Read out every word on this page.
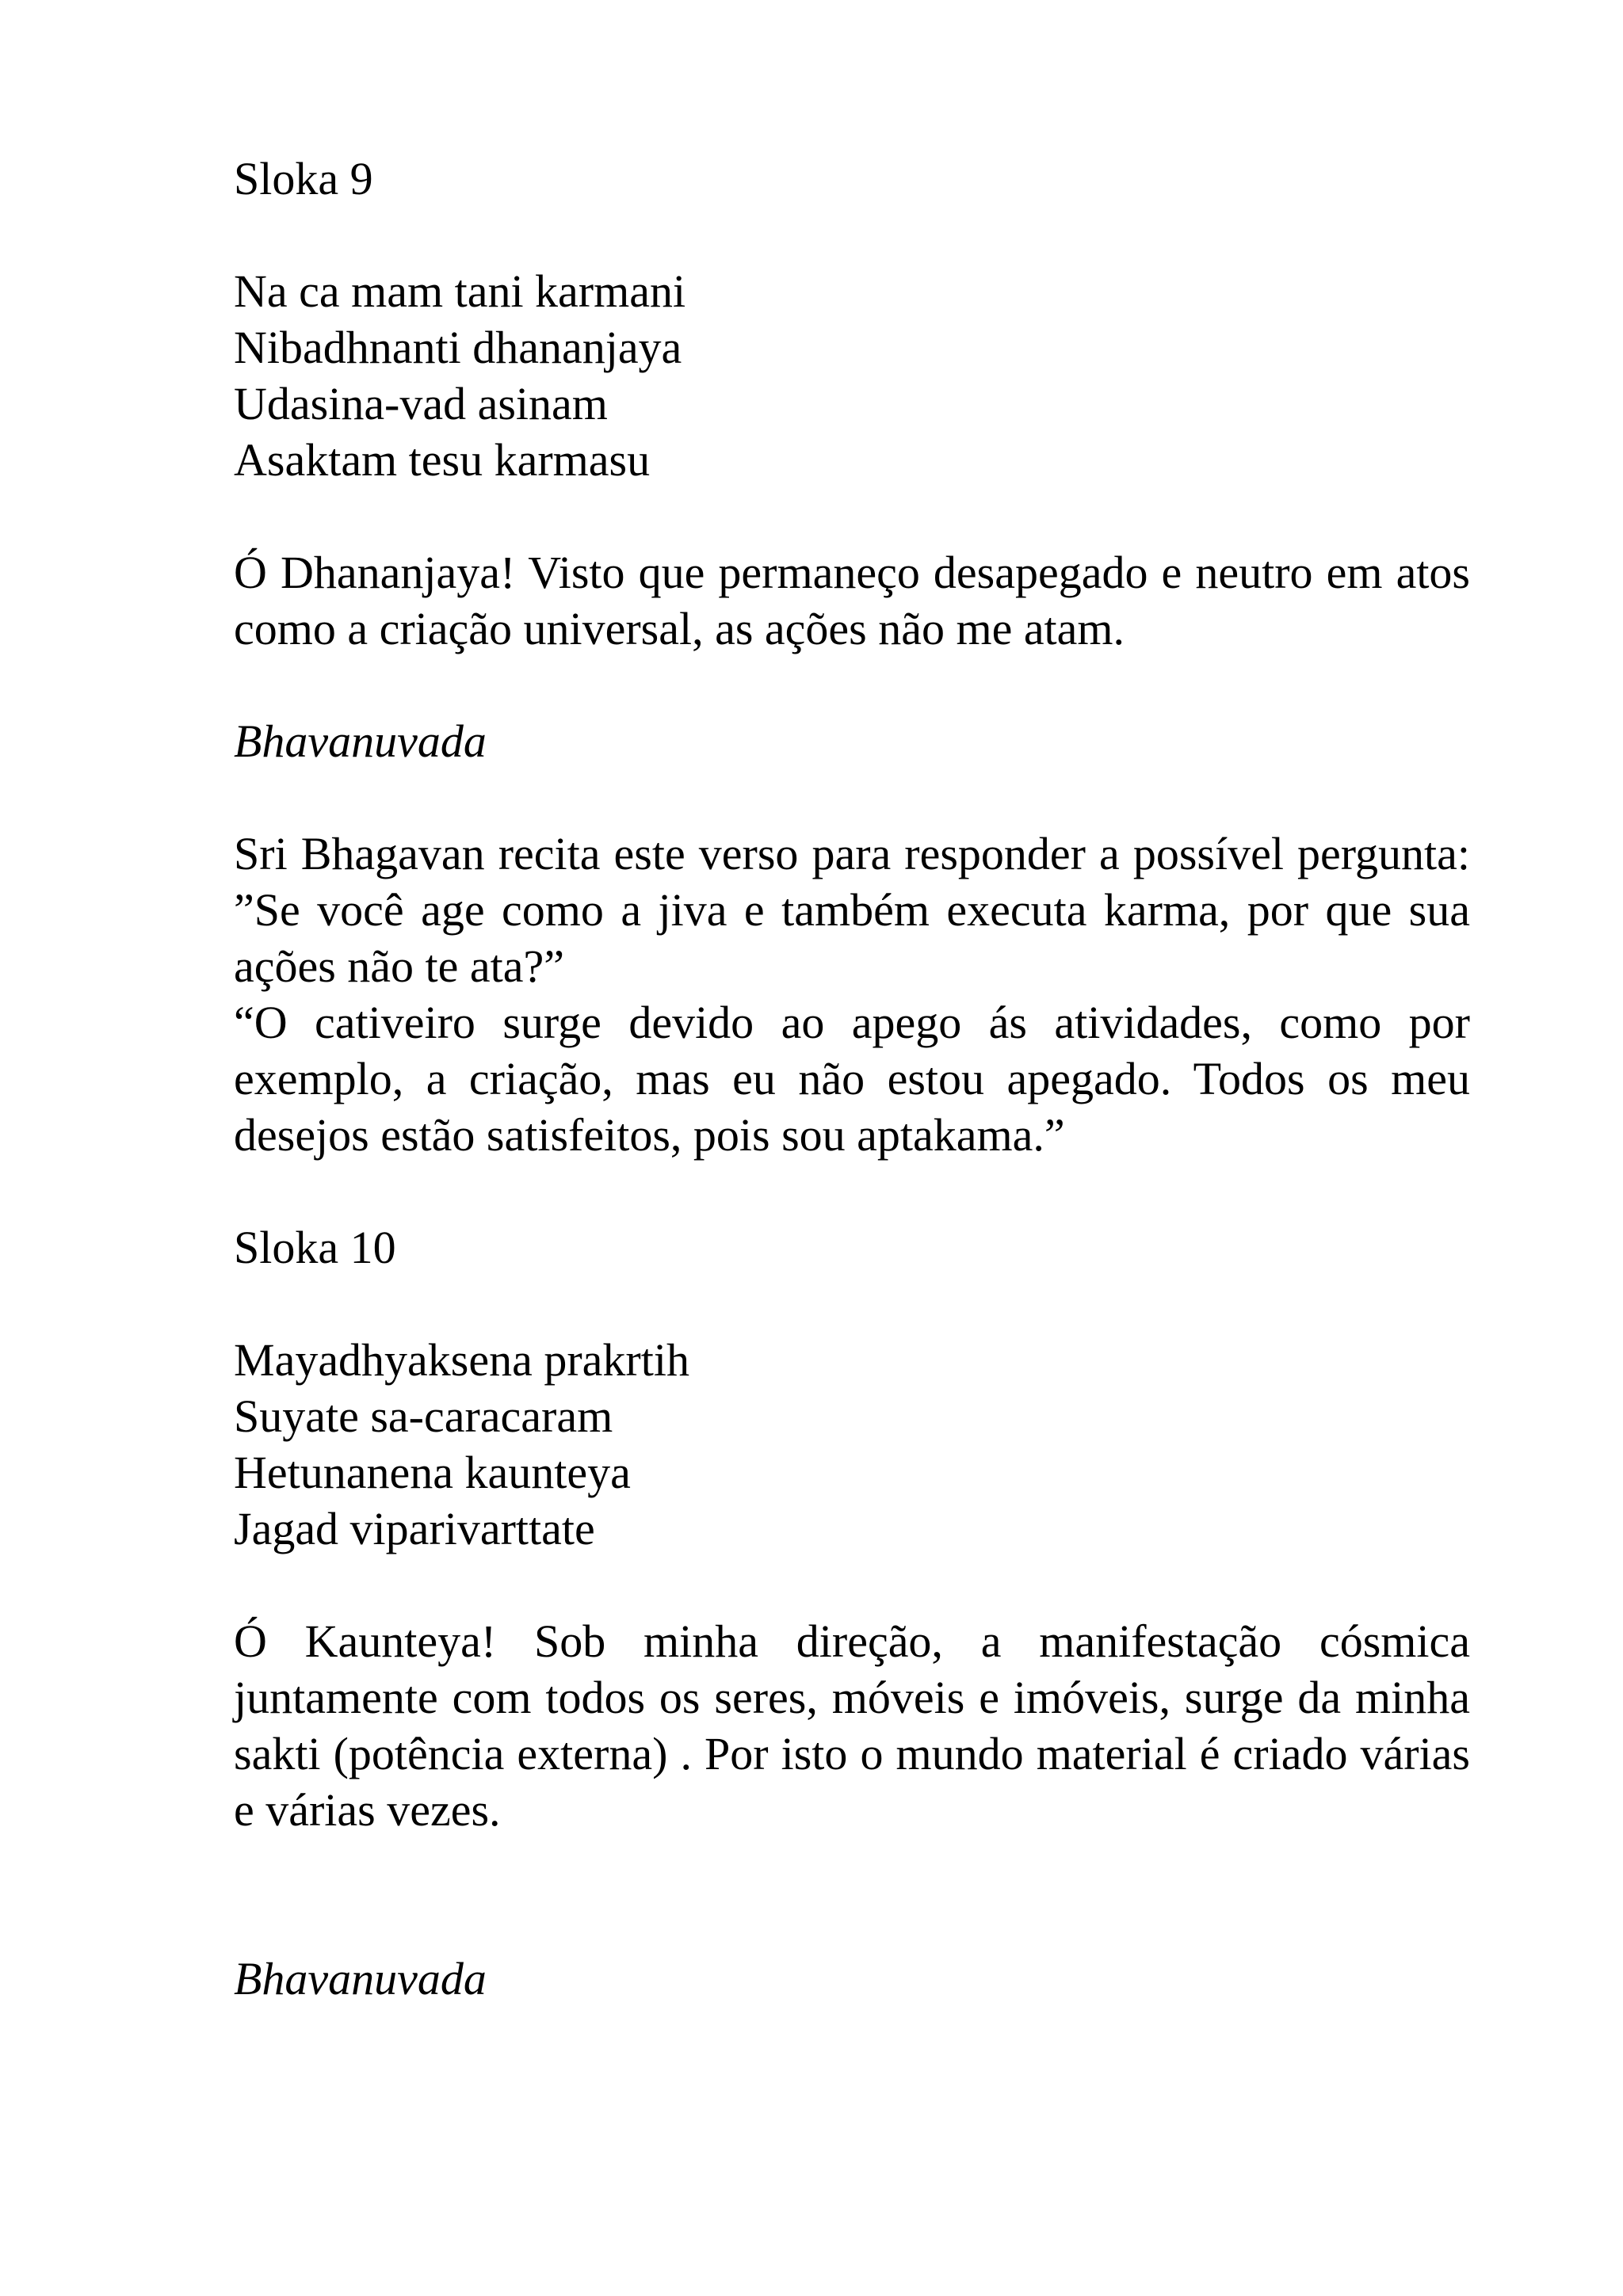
Sloka 9

Na ca mam tani karmani
Nibadhnanti dhananjaya
Udasina-vad asinam
Asaktam tesu karmasu

Ó Dhananjaya! Visto que permaneço desapegado e neutro em atos como a criação universal, as ações não me atam.

Bhavanuvada

Sri Bhagavan recita este verso para responder a possível pergunta: ”Se você age como a jiva e também executa karma, por que sua ações não te ata?”

“O cativeiro surge devido ao apego ás atividades, como por exemplo, a criação, mas eu não estou apegado. Todos os meu desejos estão satisfeitos, pois sou aptakama.”

Sloka 10

Mayadhyaksena prakrtih
Suyate sa-caracaram
Hetunanena kaunteya
Jagad viparivarttate

Ó Kaunteya! Sob minha direção, a manifestação cósmica juntamente com todos os seres, móveis e imóveis, surge da minha sakti (potência externa) . Por isto o mundo material é criado várias e várias vezes.

Bhavanuvada
